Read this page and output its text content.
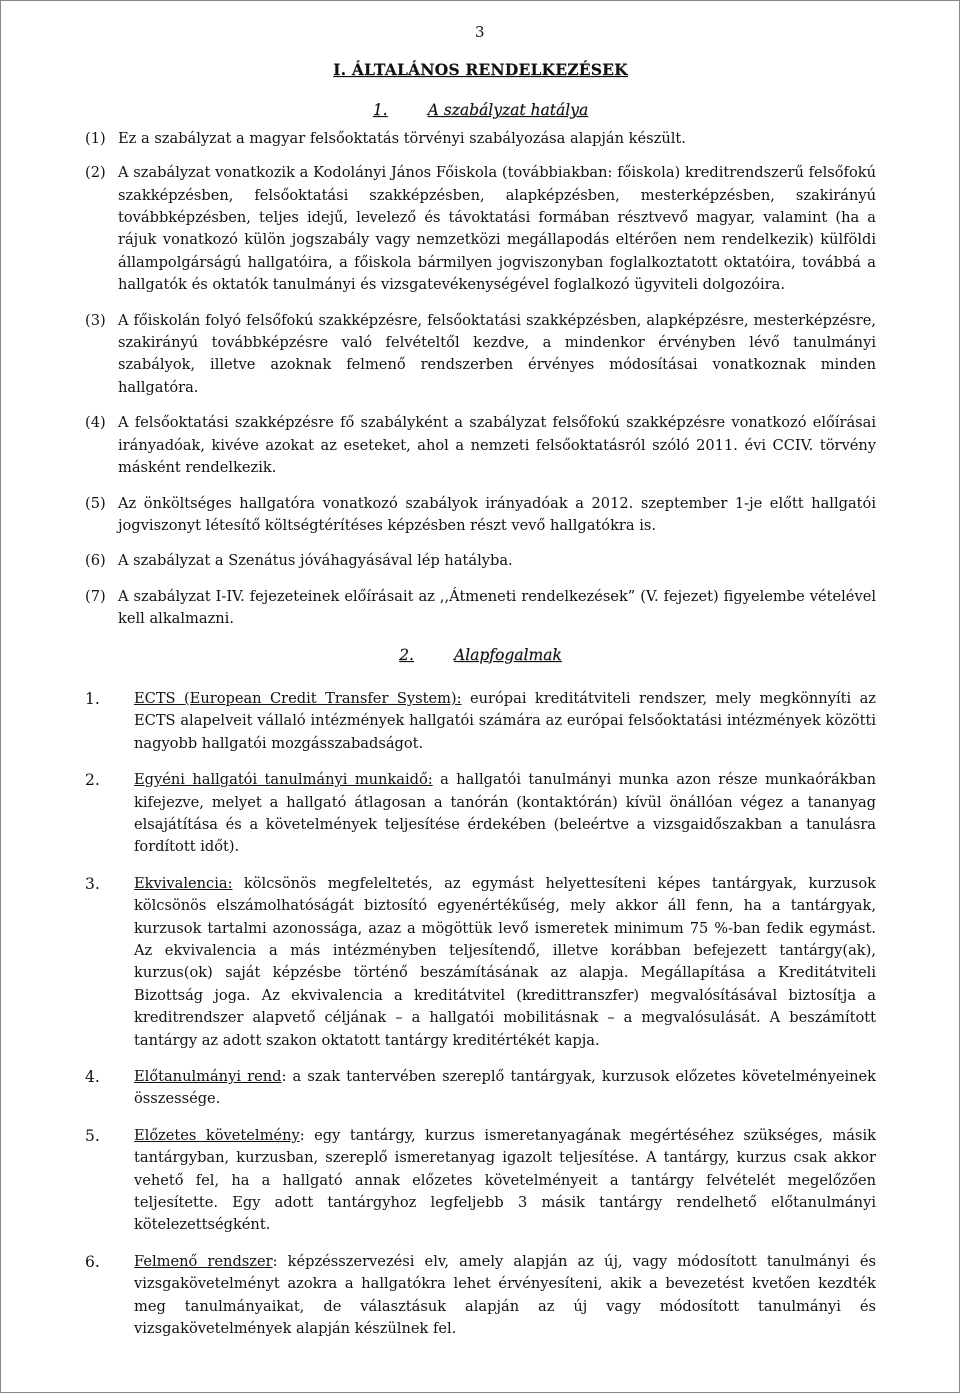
3
I. ÁLTALÁNOS RENDELKEZÉSEK
1.	A szabályzat hatálya
(1) Ez a szabályzat a magyar felsőoktatás törvényi szabályozása alapján készült.
(2) A szabályzat vonatkozik a Kodolányi János Főiskola (továbbiakban: főiskola) kreditrendszerű felsőfokú szakképzésben, felsőoktatási szakképzésben, alapképzésben, mesterképzésben, szakirányú továbbképzésben, teljes idejű, levelező és távoktatási formában résztvevő magyar, valamint (ha a rájuk vonatkozó külön jogszabály vagy nemzetközi megállapodás eltérően nem rendelkezik) külföldi állampolgárságú hallgatóira, a főiskola bármilyen jogviszonyban foglalkoztatott oktatóira, továbbá a hallgatók és oktatók tanulmányi és vizsgatevékenységével foglalkozó ügyviteli dolgozóira.
(3) A főiskolán folyó felsőfokú szakképzésre, felsőoktatási szakképzésben, alapképzésre, mesterképzésre, szakirányú továbbképzésre való felvételtől kezdve, a mindenkor érvényben lévő tanulmányi szabályok, illetve azoknak felmenő rendszerben érvényes módosításai vonatkoznak minden hallgatóra.
(4) A felsőoktatási szakképzésre fő szabályként a szabályzat felsőfokú szakképzésre vonatkozó előírásai irányadóak, kivéve azokat az eseteket, ahol a nemzeti felsőoktatásról szóló 2011. évi CCIV. törvény másként rendelkezik.
(5) Az önköltséges hallgatóra vonatkozó szabályok irányadóak a 2012. szeptember 1-je előtt hallgatói jogviszonyt létesítő költségtérítéses képzésben részt vevő hallgatókra is.
(6) A szabályzat a Szenátus jóváhagyásával lép hatályba.
(7) A szabályzat I-IV. fejezeteinek előírásait az ,,Átmeneti rendelkezések” (V. fejezet) figyelembe vételével kell alkalmazni.
2.	Alapfogalmak
1.	ECTS (European Credit Transfer System): európai kreditátviteli rendszer, mely megkönnyíti az ECTS alapelveit vállaló intézmények hallgatói számára az európai felsőoktatási intézmények közötti nagyobb hallgatói mozgásszabadságot.
2.	Egyéni hallgatói tanulmányi munkaidő: a hallgatói tanulmányi munka azon része munkaórákban kifejezve, melyet a hallgató átlagosan a tanórán (kontaktórán) kívül önállóan végez a tananyag elsajátítása és a követelmények teljesítése érdekében (beleértve a vizsgaidőszakban a tanulásra fordított időt).
3.	Ekvivalencia: kölcsönös megfeleltetés, az egymást helyettesíteni képes tantárgyak, kurzusok kölcsönös elszámolhatóságát biztosító egyenértékűség, mely akkor áll fenn, ha a tantárgyak, kurzusok tartalmi azonossága, azaz a mögöttük levő ismeretek minimum 75 %-ban fedik egymást. Az ekvivalencia a más intézményben teljesítendő, illetve korábban befejezett tantárgy(ak), kurzus(ok) saját képzésbe történő beszámításának az alapja. Megállapítása a Kreditátviteli Bizottság joga. Az ekvivalencia a kreditátvitel (kredittranszfer) megvalósításával biztosítja a kreditrendszer alapvető céljának – a hallgatói mobilitásnak – a megvalósulását. A beszámított tantárgy az adott szakon oktatott tantárgy kreditértékét kapja.
4.	Előtanulmányi rend: a szak tantervében szereplő tantárgyak, kurzusok előzetes követelményeinek összessége.
5.	Előzetes követelmény: egy tantárgy, kurzus ismeretanyagának megértéséhez szükséges, másik tantárgyban, kurzusban, szereplő ismeretanyag igazolt teljesítése. A tantárgy, kurzus csak akkor vehető fel, ha a hallgató annak előzetes követelményeit a tantárgy felvételét megelőzően teljesítette. Egy adott tantárgyhoz legfeljebb 3 másik tantárgy rendelhető előtanulmányi kötelezettségként.
6.	Felmenő rendszer: képzésszervezési elv, amely alapján az új, vagy módosított tanulmányi és vizsgakövetelményt azokra a hallgatókra lehet érvényesíteni, akik a bevezetést kvetően kezdték meg tanulmányaikat, de választásuk alapján az új vagy módosított tanulmányi és vizsgakövetelmények alapján készülnek fel.
